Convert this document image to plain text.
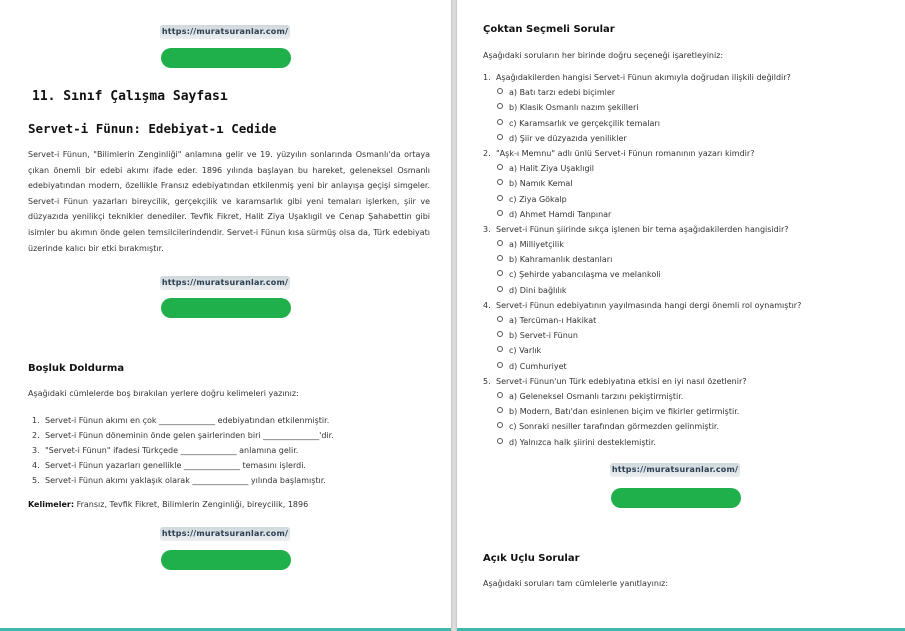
https://muratsuranlar.com/
11. Sınıf Çalışma Sayfası
Servet-i Fünun: Edebiyat-ı Cedide
Servet-i Fünun, "Bilimlerin Zenginliği" anlamına gelir ve 19. yüzyılın sonlarında Osmanlı'da ortaya çıkan önemli bir edebi akımı ifade eder. 1896 yılında başlayan bu hareket, geleneksel Osmanlı edebiyatından modern, özellikle Fransız edebiyatından etkilenmiş yeni bir anlayışa geçişi simgeler. Servet-i Fünun yazarları bireycilik, gerçekçilik ve karamsarlık gibi yeni temaları işlerken, şiir ve düzyazıda yenilikçi teknikler denediler. Tevfik Fikret, Halit Ziya Uşaklıgil ve Cenap Şahabettin gibi isimler bu akımın önde gelen temsilcilerindendir. Servet-i Fünun kısa sürmüş olsa da, Türk edebiyatı üzerinde kalıcı bir etki bırakmıştır.
https://muratsuranlar.com/
Boşluk Doldurma
Aşağıdaki cümlelerde boş bırakılan yerlere doğru kelimeleri yazınız:
1. Servet-i Fünun akımı en çok ______________ edebiyatından etkilenmiştir.
2. Servet-i Fünun döneminin önde gelen şairlerinden biri ______________'dir.
3. "Servet-i Fünun" ifadesi Türkçede ______________ anlamına gelir.
4. Servet-i Fünun yazarları genellikle ______________ temasını işlerdi.
5. Servet-i Fünun akımı yaklaşık olarak ______________ yılında başlamıştır.
Kelimeler: Fransız, Tevfik Fikret, Bilimlerin Zenginliği, bireycilik, 1896
https://muratsuranlar.com/
Çoktan Seçmeli Sorular
Aşağıdaki soruların her birinde doğru seçeneği işaretleyiniz:
1. Aşağıdakilerden hangisi Servet-i Fünun akımıyla doğrudan ilişkili değildir?
a) Batı tarzı edebi biçimler
b) Klasik Osmanlı nazım şekilleri
c) Karamsarlık ve gerçekçilik temaları
d) Şiir ve düzyazıda yenilikler
2. "Aşk-ı Memnu" adlı ünlü Servet-i Fünun romanının yazarı kimdir?
a) Halit Ziya Uşaklıgil
b) Namık Kemal
c) Ziya Gökalp
d) Ahmet Hamdi Tanpınar
3. Servet-i Fünun şiirinde sıkça işlenen bir tema aşağıdakilerden hangisidir?
a) Milliyetçilik
b) Kahramanlık destanları
c) Şehirde yabancılaşma ve melankoli
d) Dini bağlılık
4. Servet-i Fünun edebiyatının yayılmasında hangi dergi önemli rol oynamıştır?
a) Tercüman-ı Hakikat
b) Servet-i Fünun
c) Varlık
d) Cumhuriyet
5. Servet-i Fünun'un Türk edebiyatına etkisi en iyi nasıl özetlenir?
a) Geleneksel Osmanlı tarzını pekiştirmiştir.
b) Modern, Batı'dan esinlenen biçim ve fikirler getirmiştir.
c) Sonraki nesiller tarafından görmezden gelinmiştir.
d) Yalnızca halk şiirini desteklemiştir.
https://muratsuranlar.com/
Açık Uçlu Sorular
Aşağıdaki soruları tam cümlelerle yanıtlayınız:
